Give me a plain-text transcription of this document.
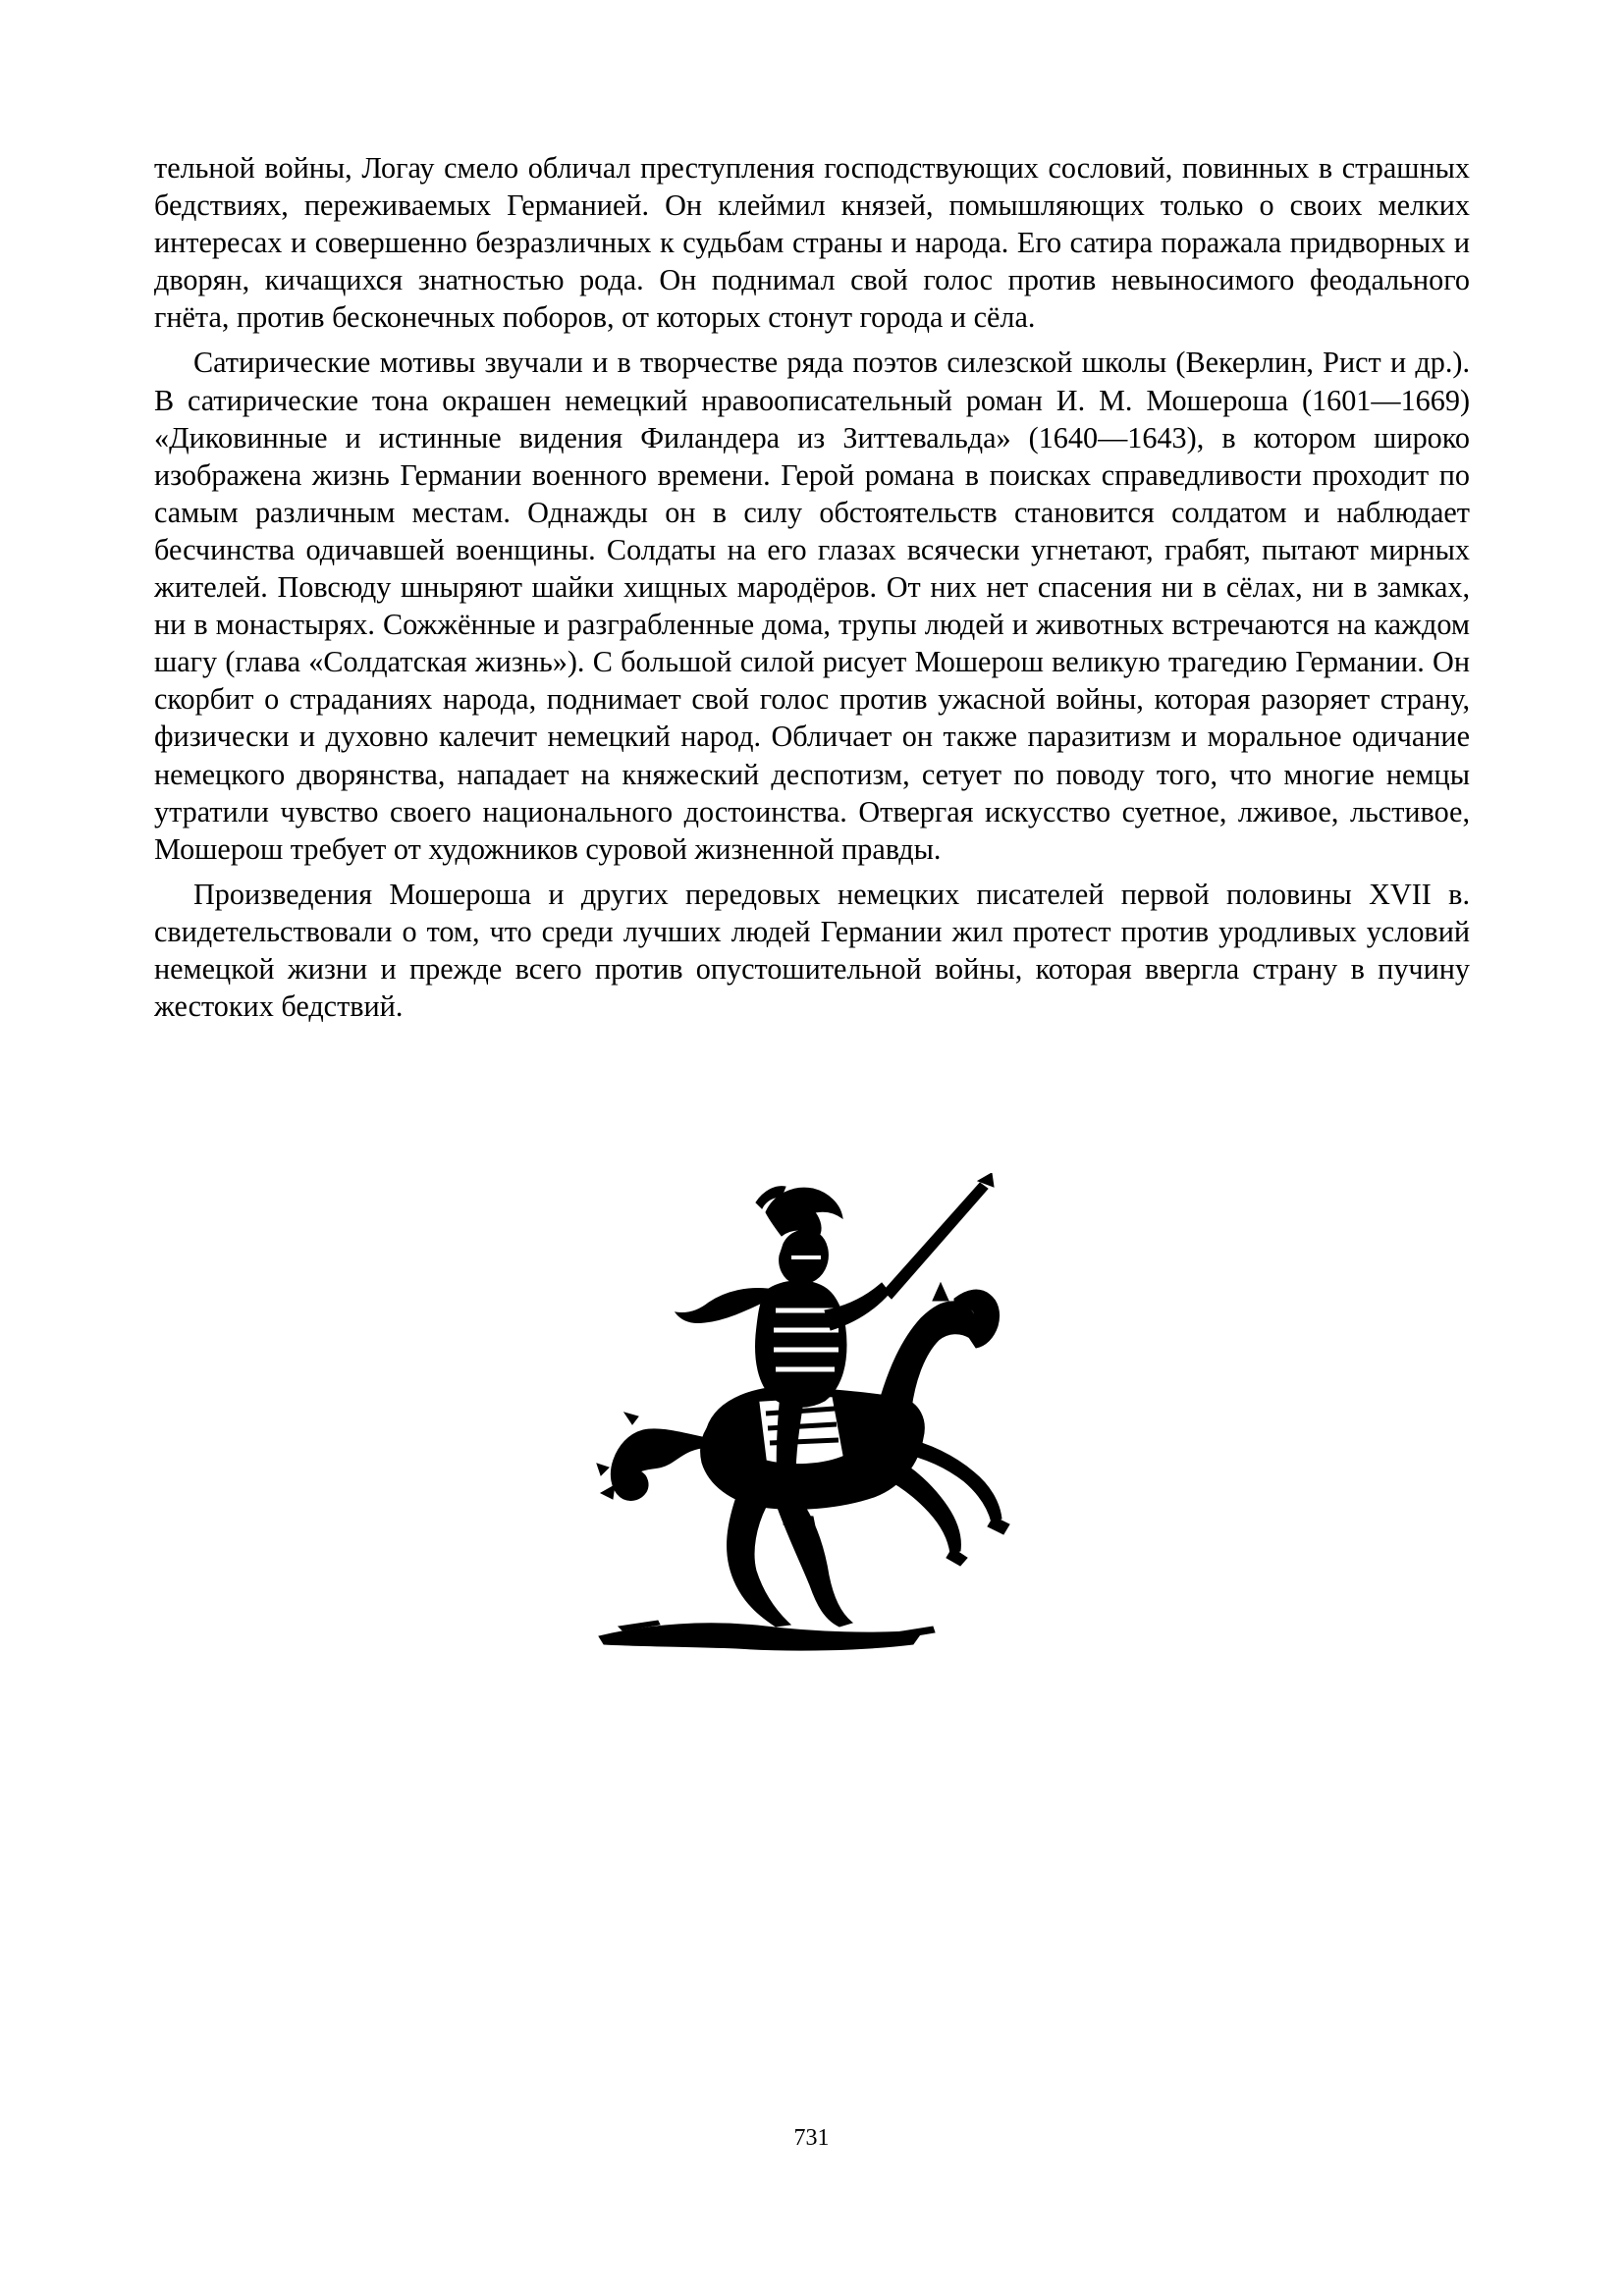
тельной войны, Логау смело обличал преступления господствующих сословий, повинных в страшных бедствиях, переживаемых Германией. Он клеймил князей, помышляющих только о своих мелких интересах и совершенно безразличных к судьбам страны и народа. Его сатира поражала придворных и дворян, кичащихся знатностью рода. Он поднимал свой голос против невыносимого феодального гнёта, против бесконечных поборов, от которых стонут города и сёла.

Сатирические мотивы звучали и в творчестве ряда поэтов силезской школы (Векерлин, Рист и др.). В сатирические тона окрашен немецкий нравоописательный роман И. М. Мошероша (1601—1669) «Диковинные и истинные видения Филандера из Зиттевальда» (1640—1643), в котором широко изображена жизнь Германии военного времени. Герой романа в поисках справедливости проходит по самым различным местам. Однажды он в силу обстоятельств становится солдатом и наблюдает бесчинства одичавшей военщины. Солдаты на его глазах всячески угнетают, грабят, пытают мирных жителей. Повсюду шныряют шайки хищных мародёров. От них нет спасения ни в сёлах, ни в замках, ни в монастырях. Сожжённые и разграбленные дома, трупы людей и животных встречаются на каждом шагу (глава «Солдатская жизнь»). С большой силой рисует Мошерош великую трагедию Германии. Он скорбит о страданиях народа, поднимает свой голос против ужасной войны, которая разоряет страну, физически и духовно калечит немецкий народ. Обличает он также паразитизм и моральное одичание немецкого дворянства, нападает на княжеский деспотизм, сетует по поводу того, что многие немцы утратили чувство своего национального достоинства. Отвергая искусство суетное, лживое, льстивое, Мошерош требует от художников суровой жизненной правды.

Произведения Мошероша и других передовых немецких писателей первой половины XVII в. свидетельствовали о том, что среди лучших людей Германии жил протест против уродливых условий немецкой жизни и прежде всего против опустошительной войны, которая ввергла страну в пучину жестоких бедствий.

731
